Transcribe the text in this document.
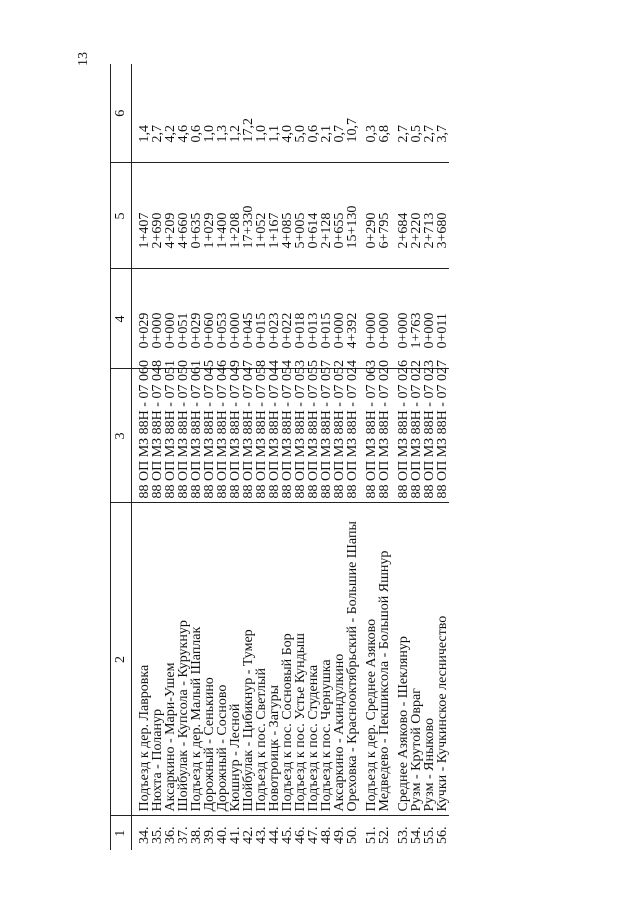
13
1	2	3	4	5	6

34.	Подъезд к дер. Лавровка	88 ОП МЗ 88Н - 07 060	0+029	1+407	1,4
35.	Нюхта - Поланур	88 ОП МЗ 88Н - 07 048	0+000	2+690	2,7
36.	Аксаркино - Мари-Ушем	88 ОП МЗ 88Н - 07 051	0+000	4+209	4,2
37.	Шойбулак - Купсола - Курукнур	88 ОП МЗ 88Н - 07 050	0+051	4+660	4,6
38.	Подъезд к дер. Малый Шаплак	88 ОП МЗ 88Н - 07 061	0+029	0+635	0,6
39.	Дорожный - Сенькино	88 ОП МЗ 88Н - 07 045	0+060	1+029	1,0
40.	Дорожный - Сосново	88 ОП МЗ 88Н - 07 046	0+053	1+400	1,3
41.	Кюшнур - Лесной	88 ОП МЗ 88Н - 07 049	0+000	1+208	1,2
42.	Шойбулак - Цибикнур - Тумер	88 ОП МЗ 88Н - 07 047	0+045	17+330	17,2
43.	Подъезд к пос. Светлый	88 ОП МЗ 88Н - 07 058	0+015	1+052	1,0
44.	Новотроицк - Загуры	88 ОП МЗ 88Н - 07 044	0+023	1+167	1,1
45.	Подъезд к пос. Сосновый Бор	88 ОП МЗ 88Н - 07 054	0+022	4+085	4,0
46.	Подъезд к пос. Устье Кундыш	88 ОП МЗ 88Н - 07 053	0+018	5+005	5,0
47.	Подъезд к пос. Студенка	88 ОП МЗ 88Н - 07 055	0+013	0+614	0,6
48.	Подъезд к пос. Чернушка	88 ОП МЗ 88Н - 07 057	0+015	2+128	2,1
49.	Аксаркино - Акиндулкино	88 ОП МЗ 88Н - 07 052	0+000	0+655	0,7
50.	Ореховка - Краснооктябрьский - Большие Шапы	88 ОП МЗ 88Н - 07 024	4+392	15+130	10,7

51.	Подъезд к дер. Среднее Азяково	88 ОП МЗ 88Н - 07 063	0+000	0+290	0,3
52.	Медведево - Пекшиксола - Большой Яшнур	88 ОП МЗ 88Н - 07 020	0+000	6+795	6,8

53.	Среднее Азяково - Шеклянур	88 ОП МЗ 88Н - 07 026	0+000	2+684	2,7
54.	Рузм - Крутой Овраг	88 ОП МЗ 88Н - 07 022	1+763	2+220	0,5
55.	Рузм - Яныково	88 ОП МЗ 88Н - 07 023	0+000	2+713	2,7
56.	Кучки - Кучкинское лесничество	88 ОП МЗ 88Н - 07 027	0+011	3+680	3,7
